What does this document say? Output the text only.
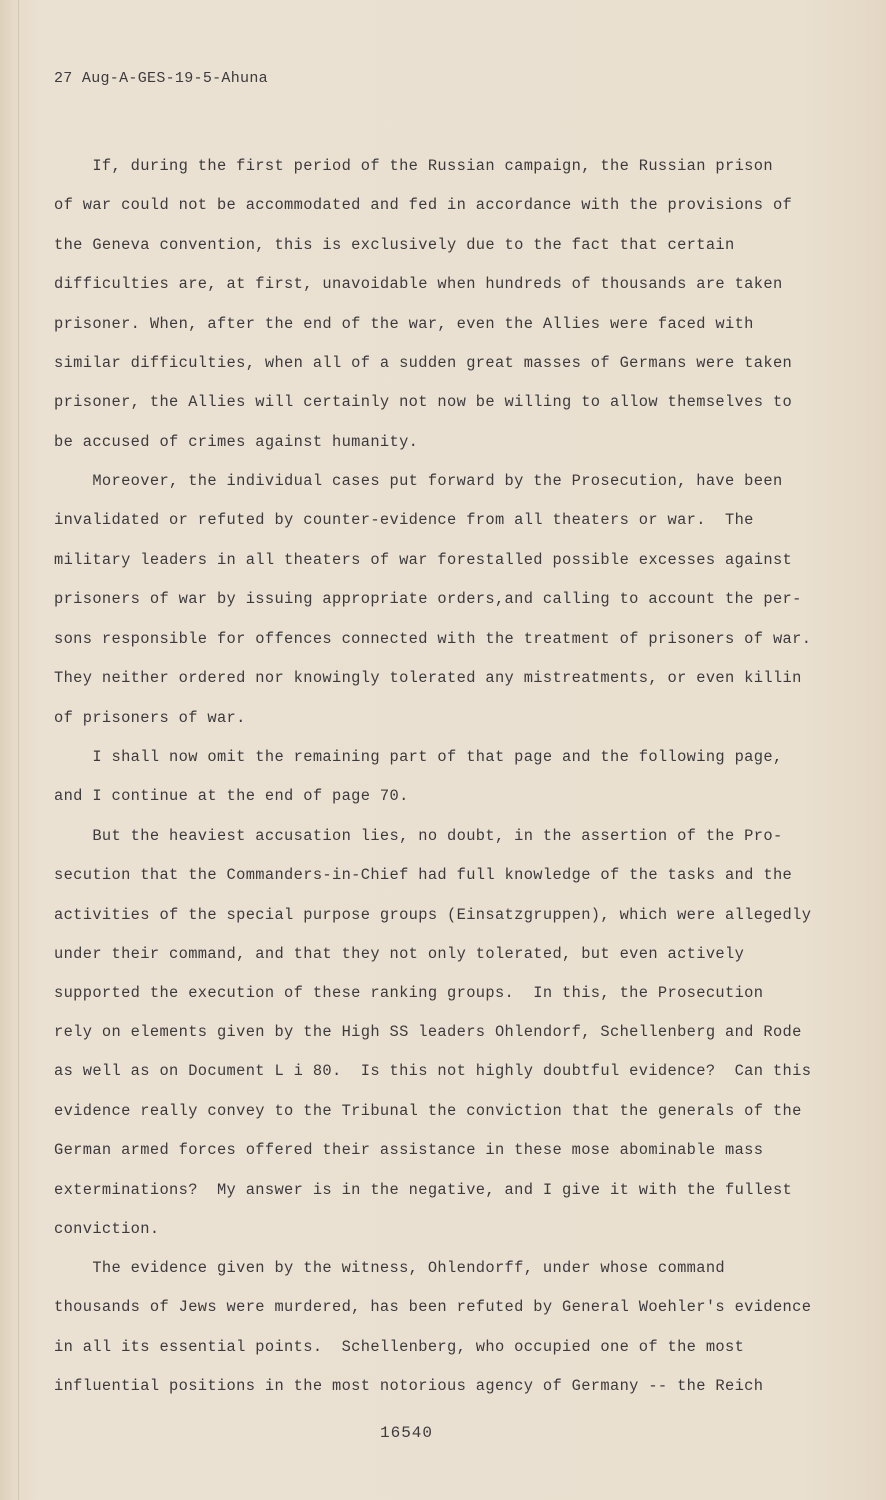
27 Aug-A-GES-19-5-Ahuna
If, during the first period of the Russian campaign, the Russian prison
of war could not be accommodated and fed in accordance with the provisions of
the Geneva convention, this is exclusively due to the fact that certain
difficulties are, at first, unavoidable when hundreds of thousands are taken
prisoner. When, after the end of the war, even the Allies were faced with
similar difficulties, when all of a sudden great masses of Germans were taken
prisoner, the Allies will certainly not now be willing to allow themselves to
be accused of crimes against humanity.
Moreover, the individual cases put forward by the Prosecution, have been
invalidated or refuted by counter-evidence from all theaters or war.  The
military leaders in all theaters of war forestalled possible excesses against
prisoners of war by issuing appropriate orders,and calling to account the per-
sons responsible for offences connected with the treatment of prisoners of war.
They neither ordered nor knowingly tolerated any mistreatments, or even killin
of prisoners of war.
I shall now omit the remaining part of that page and the following page,
and I continue at the end of page 70.
But the heaviest accusation lies, no doubt, in the assertion of the Pro-
secution that the Commanders-in-Chief had full knowledge of the tasks and the
activities of the special purpose groups (Einsatzgruppen), which were allegedly
under their command, and that they not only tolerated, but even actively
supported the execution of these ranking groups.  In this, the Prosecution
rely on elements given by the High SS leaders Ohlendorf, Schellenberg and Rode
as well as on Document L i 80.  Is this not highly doubtful evidence?  Can this
evidence really convey to the Tribunal the conviction that the generals of the
German armed forces offered their assistance in these mose abominable mass
exterminations?  My answer is in the negative, and I give it with the fullest
conviction.
The evidence given by the witness, Ohlendorff, under whose command
thousands of Jews were murdered, has been refuted by General Woehler's evidence
in all its essential points.  Schellenberg, who occupied one of the most
influential positions in the most notorious agency of Germany -- the Reich
16540
